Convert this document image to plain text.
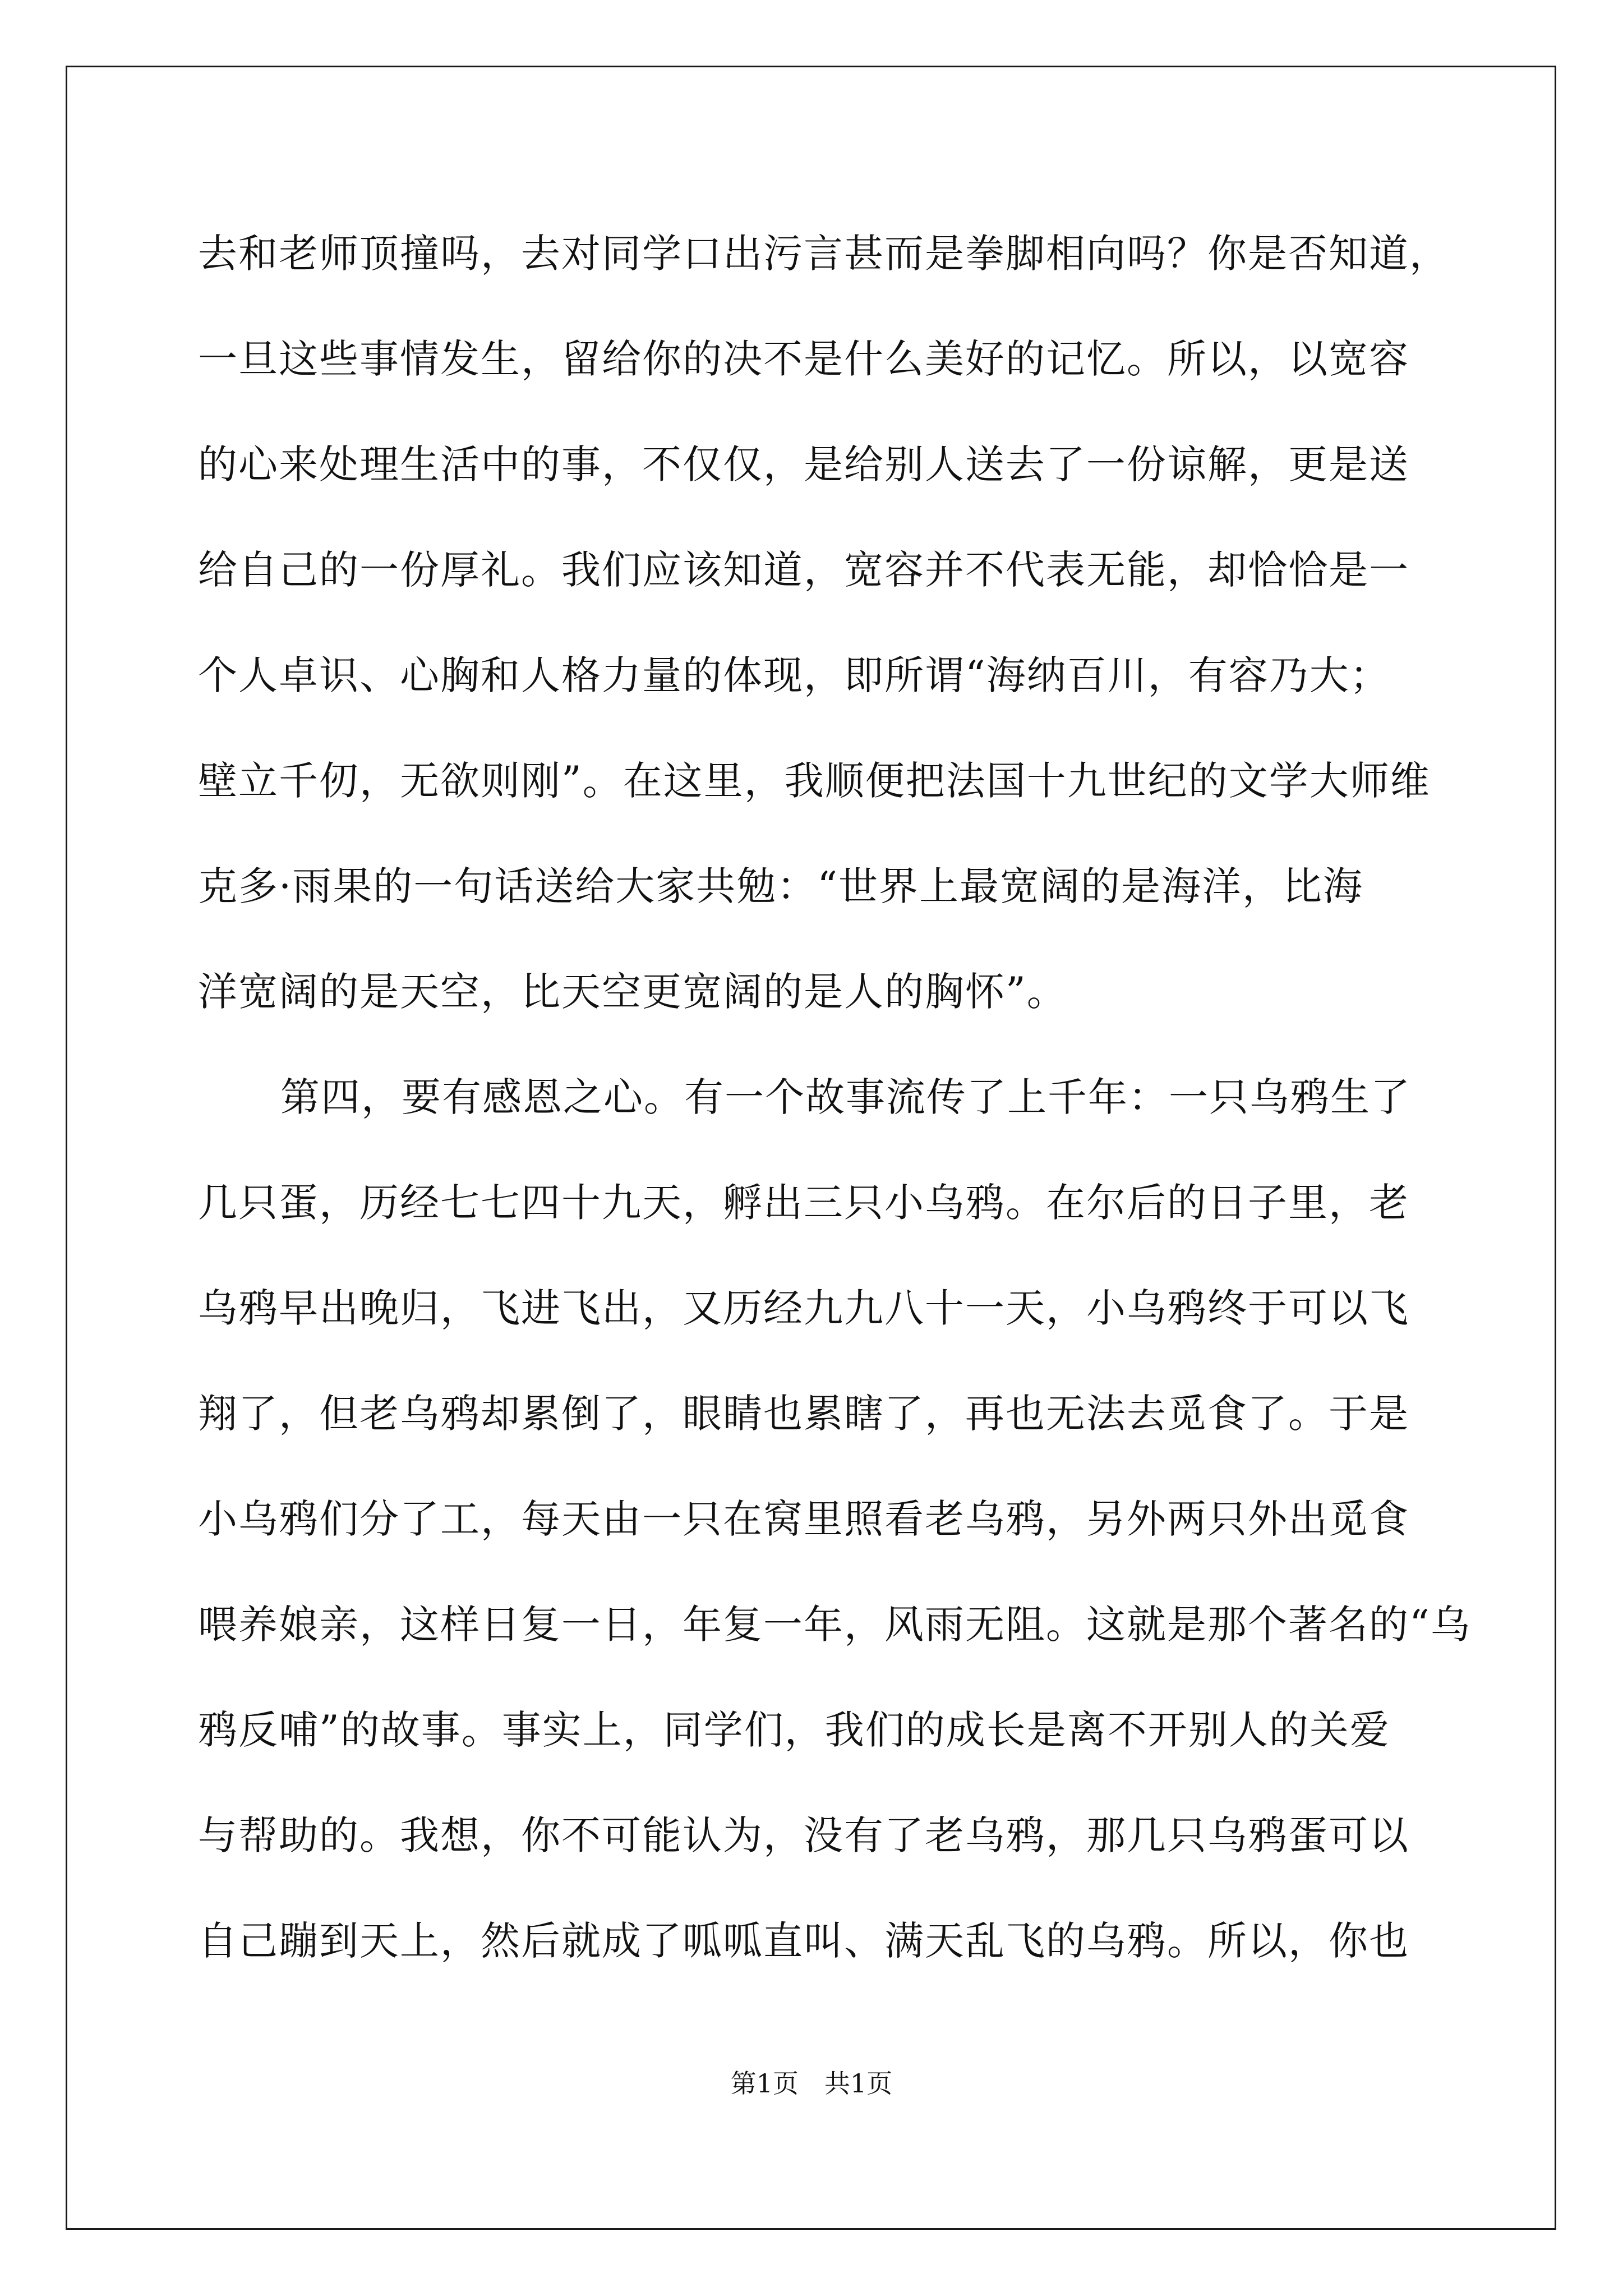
去和老师顶撞吗，去对同学口出污言甚而是拳脚相向吗？你是否知道，
一旦这些事情发生，留给你的决不是什么美好的记忆。所以，以宽容
的心来处理生活中的事，不仅仅，是给别人送去了一份谅解，更是送
给自己的一份厚礼。我们应该知道，宽容并不代表无能，却恰恰是一
个人卓识、心胸和人格力量的体现，即所谓“海纳百川，有容乃大；
壁立千仞，无欲则刚”。在这里，我顺便把法国十九世纪的文学大师维
克多·雨果的一句话送给大家共勉：“世界上最宽阔的是海洋，比海
洋宽阔的是天空，比天空更宽阔的是人的胸怀”。
第四，要有感恩之心。有一个故事流传了上千年：一只乌鸦生了
几只蛋，历经七七四十九天，孵出三只小乌鸦。在尔后的日子里，老
乌鸦早出晚归，飞进飞出，又历经九九八十一天，小乌鸦终于可以飞
翔了，但老乌鸦却累倒了，眼睛也累瞎了，再也无法去觅食了。于是
小乌鸦们分了工，每天由一只在窝里照看老乌鸦，另外两只外出觅食
喂养娘亲，这样日复一日，年复一年，风雨无阻。这就是那个著名的“乌
鸦反哺”的故事。事实上，同学们，我们的成长是离不开别人的关爱
与帮助的。我想，你不可能认为，没有了老乌鸦，那几只乌鸦蛋可以
自己蹦到天上，然后就成了呱呱直叫、满天乱飞的乌鸦。所以，你也
第1页　共1页
